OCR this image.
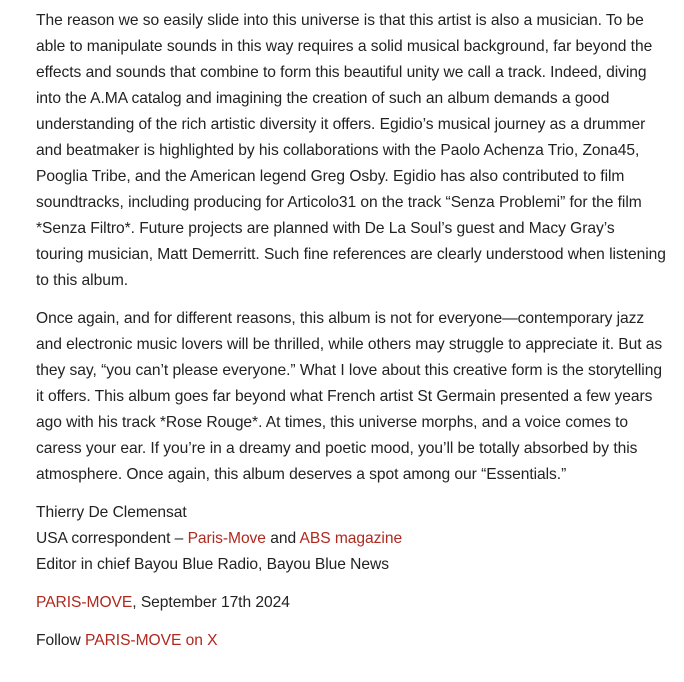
The reason we so easily slide into this universe is that this artist is also a musician. To be able to manipulate sounds in this way requires a solid musical background, far beyond the effects and sounds that combine to form this beautiful unity we call a track. Indeed, diving into the A.MA catalog and imagining the creation of such an album demands a good understanding of the rich artistic diversity it offers. Egidio’s musical journey as a drummer and beatmaker is highlighted by his collaborations with the Paolo Achenza Trio, Zona45, Pooglia Tribe, and the American legend Greg Osby. Egidio has also contributed to film soundtracks, including producing for Articolo31 on the track “Senza Problemi” for the film *Senza Filtro*. Future projects are planned with De La Soul’s guest and Macy Gray’s touring musician, Matt Demerritt. Such fine references are clearly understood when listening to this album.

Once again, and for different reasons, this album is not for everyone—contemporary jazz and electronic music lovers will be thrilled, while others may struggle to appreciate it. But as they say, “you can’t please everyone.” What I love about this creative form is the storytelling it offers. This album goes far beyond what French artist St Germain presented a few years ago with his track *Rose Rouge*. At times, this universe morphs, and a voice comes to caress your ear. If you’re in a dreamy and poetic mood, you’ll be totally absorbed by this atmosphere. Once again, this album deserves a spot among our “Essentials.”

Thierry De Clemensat
USA correspondent – Paris-Move and ABS magazine
Editor in chief Bayou Blue Radio, Bayou Blue News

PARIS-MOVE, September 17th 2024

Follow PARIS-MOVE on X
